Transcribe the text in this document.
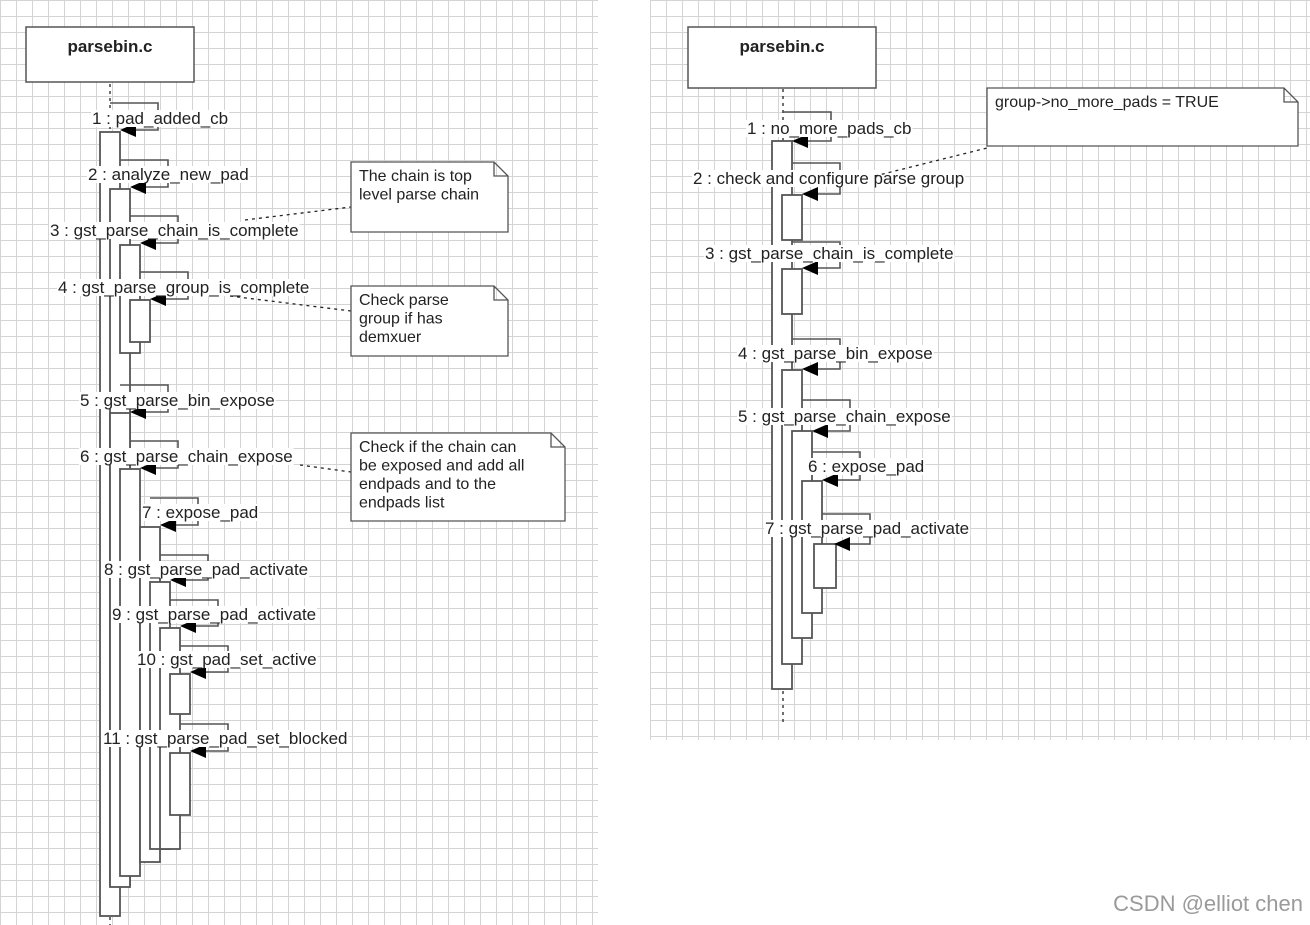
parsebin.c
1 : pad_added_cb
2 : analyze_new_pad
3 : gst_parse_chain_is_complete
4 : gst_parse_group_is_complete
5 : gst_parse_bin_expose
6 : gst_parse_chain_expose
7 : expose_pad
8 : gst_parse_pad_activate
9 : gst_parse_pad_activate
10 : gst_pad_set_active
11 : gst_parse_pad_set_blocked
The chain is top
level parse chain
Check parse
group if has
demxuer
Check if the chain can
be exposed and add all
endpads and to the
endpads list
parsebin.c
1 : no_more_pads_cb
2 : check and configure parse group
3 : gst_parse_chain_is_complete
4 : gst_parse_bin_expose
5 : gst_parse_chain_expose
6 : expose_pad
7 : gst_parse_pad_activate
group->no_more_pads = TRUE
CSDN @elliot chen
